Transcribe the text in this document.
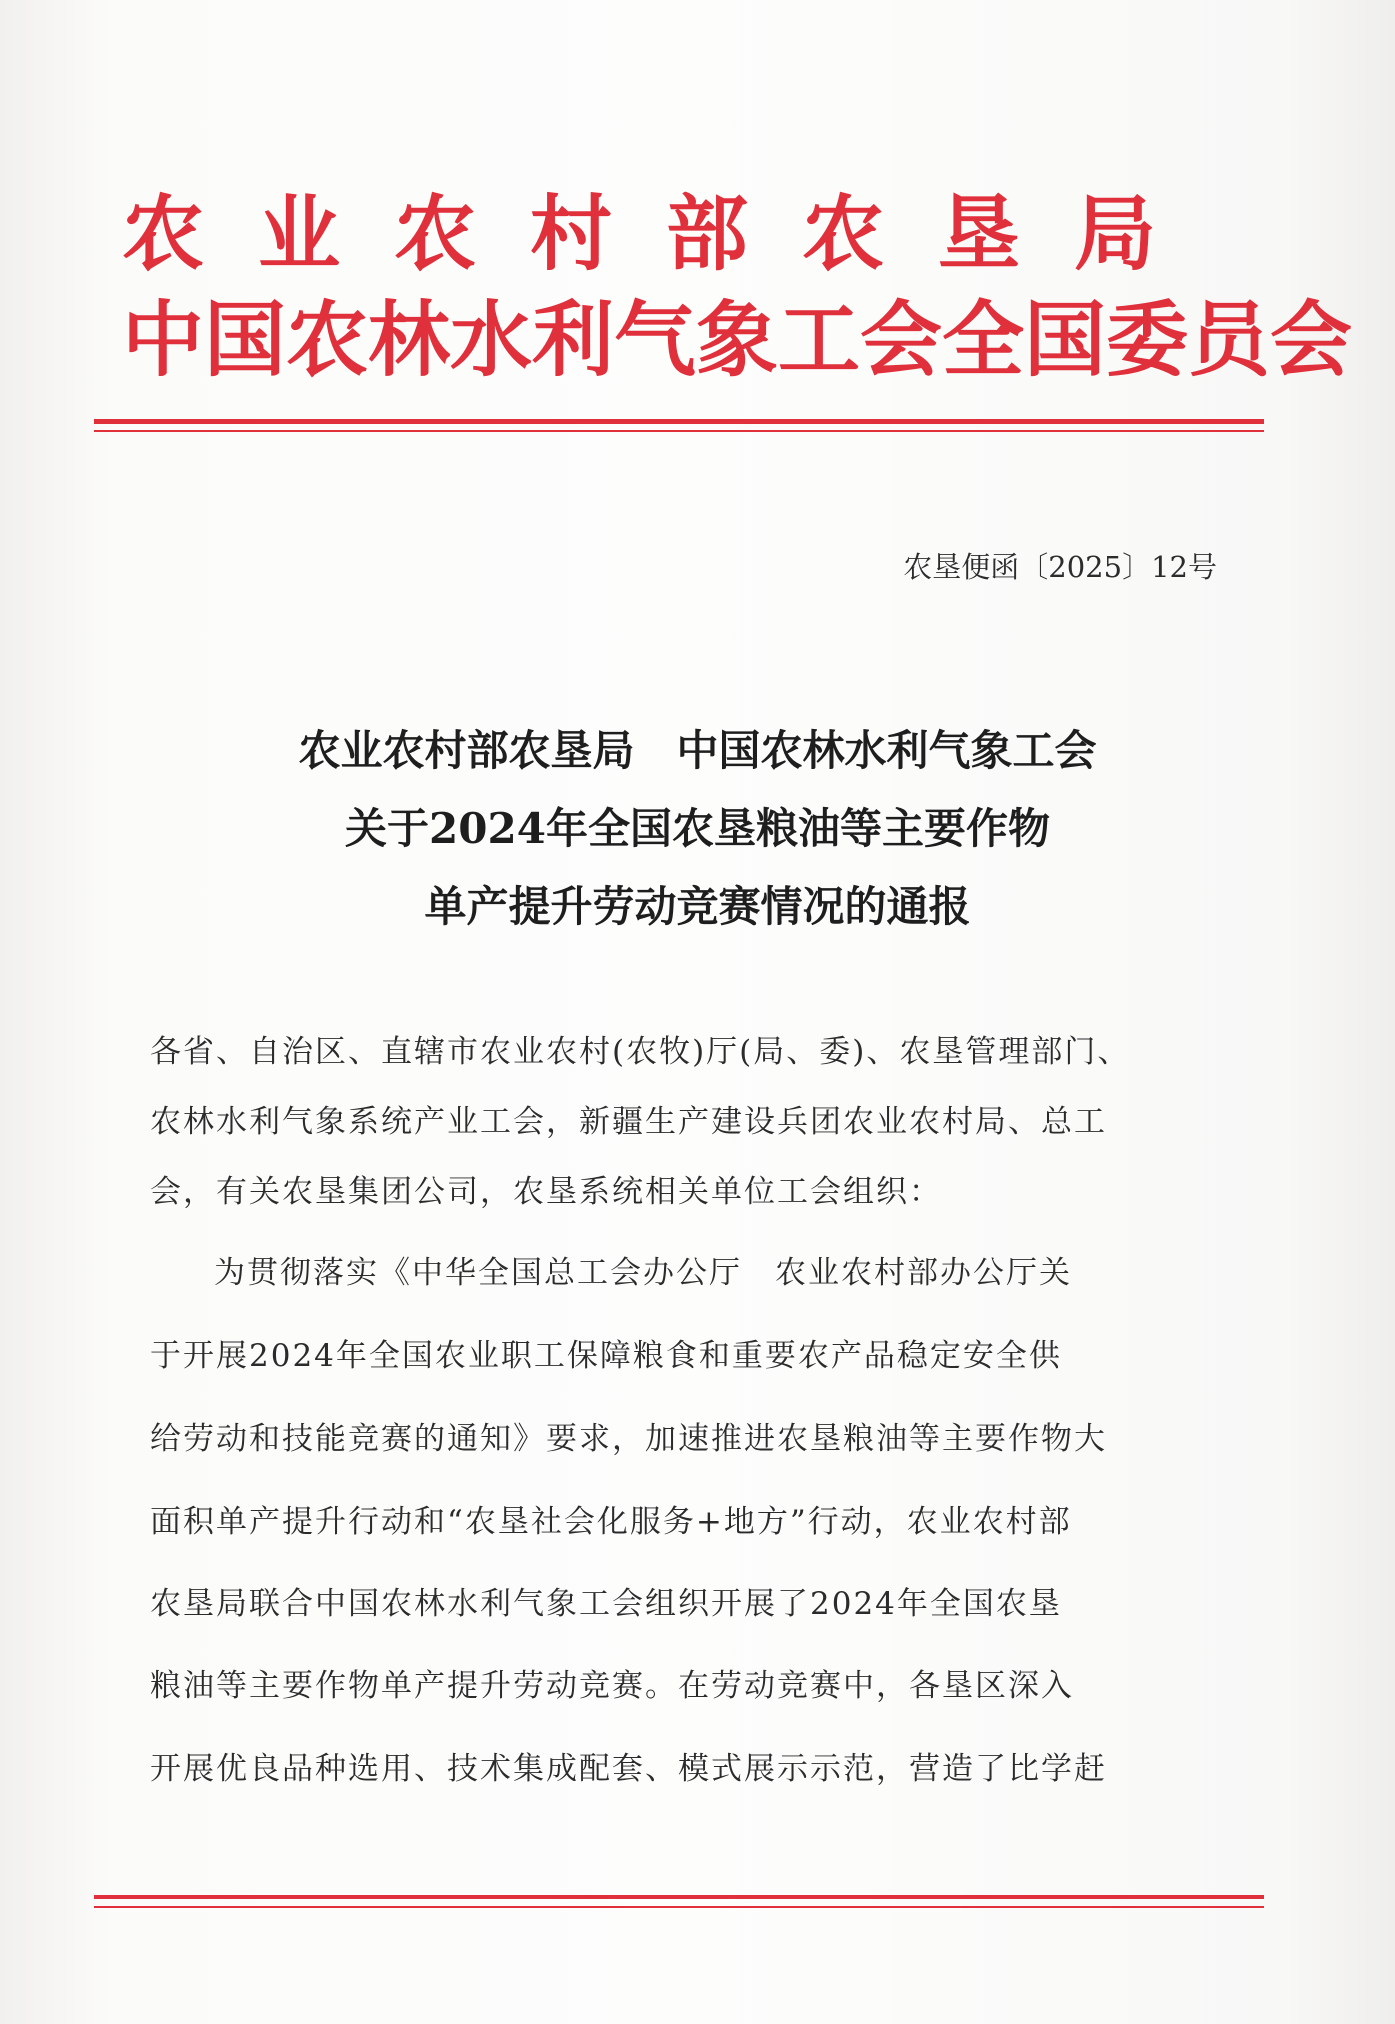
农业农村部农垦局
中国农林水利气象工会全国委员会
农垦便函〔2025〕12号
农业农村部农垦局　中国农林水利气象工会
关于2024年全国农垦粮油等主要作物
单产提升劳动竞赛情况的通报
各省、自治区、直辖市农业农村(农牧)厅(局、委)、农垦管理部门、
农林水利气象系统产业工会，新疆生产建设兵团农业农村局、总工
会，有关农垦集团公司，农垦系统相关单位工会组织：
为贯彻落实《中华全国总工会办公厅　农业农村部办公厅关
于开展2024年全国农业职工保障粮食和重要农产品稳定安全供
给劳动和技能竞赛的通知》要求，加速推进农垦粮油等主要作物大
面积单产提升行动和“农垦社会化服务+地方”行动，农业农村部
农垦局联合中国农林水利气象工会组织开展了2024年全国农垦
粮油等主要作物单产提升劳动竞赛。在劳动竞赛中，各垦区深入
开展优良品种选用、技术集成配套、模式展示示范，营造了比学赶
